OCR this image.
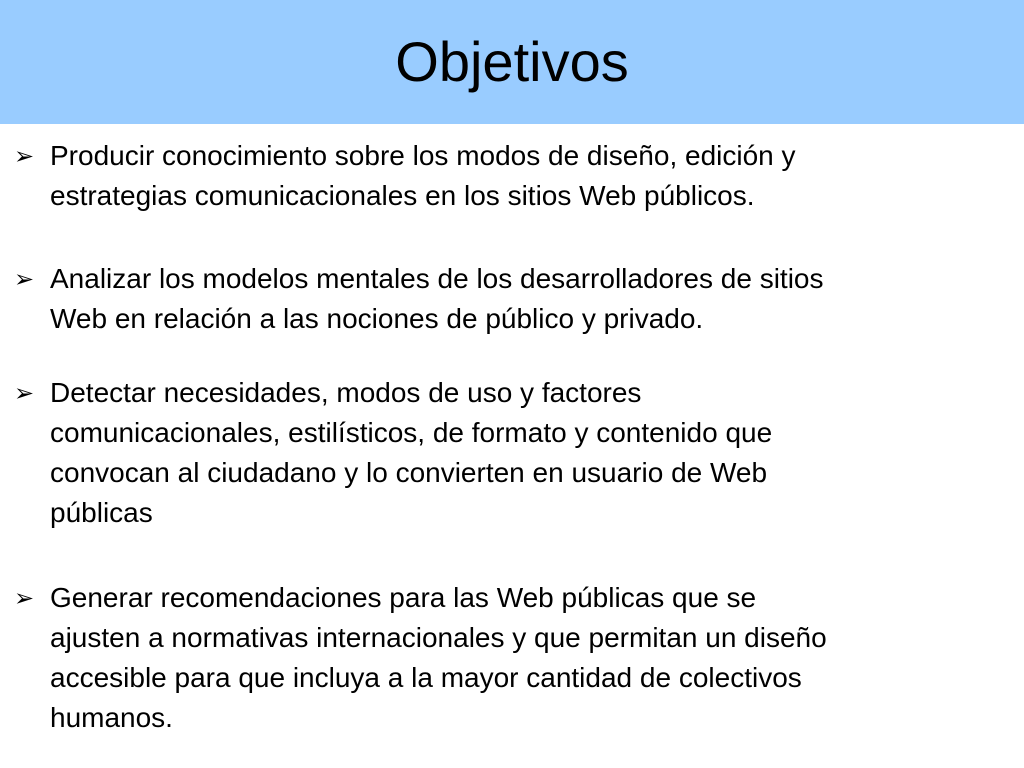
Objetivos
➢ Producir conocimiento sobre los modos de diseño, edición y
estrategias comunicacionales en los sitios Web públicos.
➢ Analizar los modelos mentales de los desarrolladores de sitios
Web en relación a las nociones de público y privado.
➢ Detectar necesidades, modos de uso y factores
comunicacionales, estilísticos, de formato y contenido que
convocan al ciudadano y lo convierten en usuario de Web
públicas
➢ Generar recomendaciones para las Web públicas que se
ajusten a normativas internacionales y que permitan un diseño
accesible para que incluya a la mayor cantidad de colectivos
humanos.
